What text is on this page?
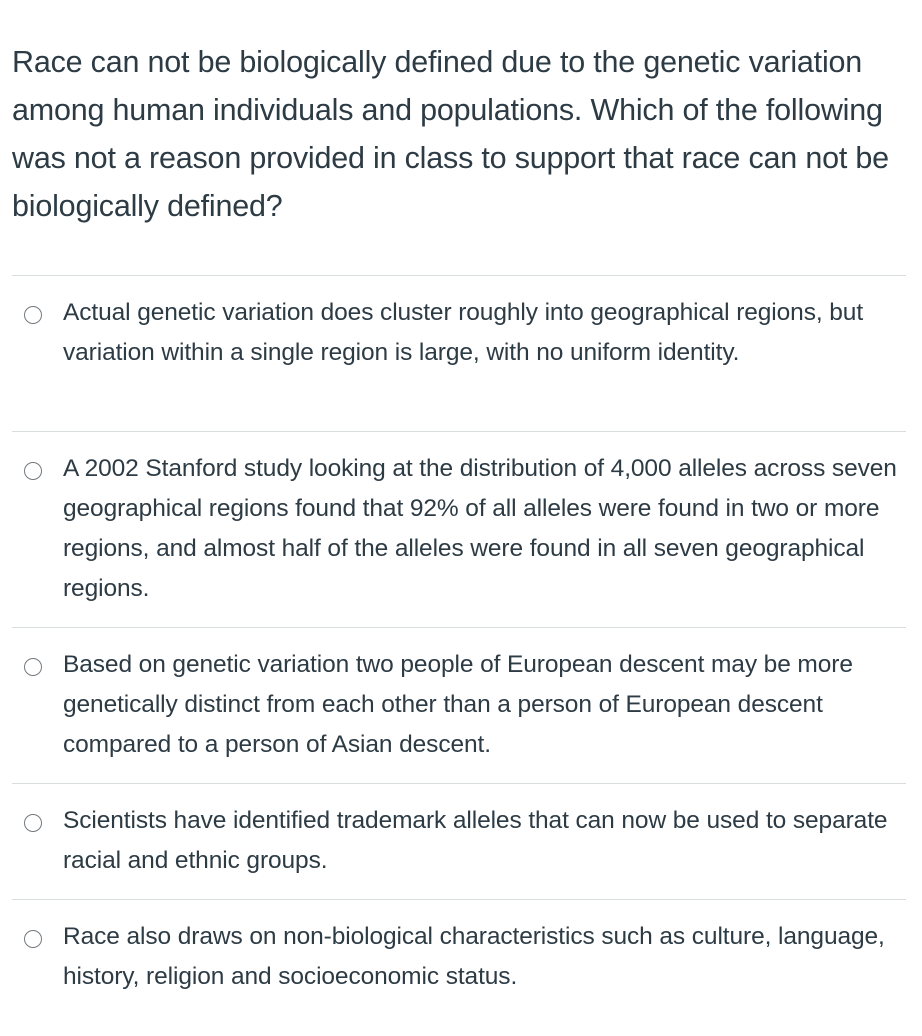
Race can not be biologically defined due to the genetic variation among human individuals and populations. Which of the following was not a reason provided in class to support that race can not be biologically defined?
Actual genetic variation does cluster roughly into geographical regions, but variation within a single region is large, with no uniform identity.
A 2002 Stanford study looking at the distribution of 4,000 alleles across seven geographical regions found that 92% of all alleles were found in two or more regions, and almost half of the alleles were found in all seven geographical regions.
Based on genetic variation two people of European descent may be more genetically distinct from each other than a person of European descent compared to a person of Asian descent.
Scientists have identified trademark alleles that can now be used to separate racial and ethnic groups.
Race also draws on non-biological characteristics such as culture, language, history, religion and socioeconomic status.
